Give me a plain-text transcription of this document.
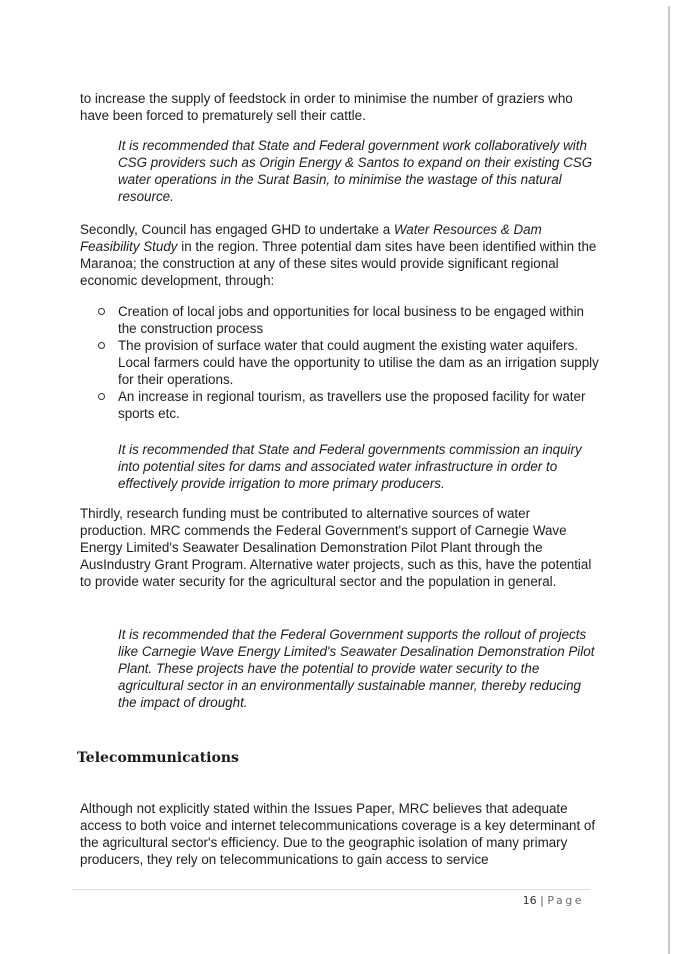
to increase the supply of feedstock in order to minimise the number of graziers who have been forced to prematurely sell their cattle.

It is recommended that State and Federal government work collaboratively with CSG providers such as Origin Energy & Santos to expand on their existing CSG water operations in the Surat Basin, to minimise the wastage of this natural resource.

Secondly, Council has engaged GHD to undertake a Water Resources & Dam Feasibility Study in the region. Three potential dam sites have been identified within the Maranoa; the construction at any of these sites would provide significant regional economic development, through:

Creation of local jobs and opportunities for local business to be engaged within the construction process
The provision of surface water that could augment the existing water aquifers. Local farmers could have the opportunity to utilise the dam as an irrigation supply for their operations.
An increase in regional tourism, as travellers use the proposed facility for water sports etc.

It is recommended that State and Federal governments commission an inquiry into potential sites for dams and associated water infrastructure in order to effectively provide irrigation to more primary producers.

Thirdly, research funding must be contributed to alternative sources of water production. MRC commends the Federal Government's support of Carnegie Wave Energy Limited's Seawater Desalination Demonstration Pilot Plant through the AusIndustry Grant Program. Alternative water projects, such as this, have the potential to provide water security for the agricultural sector and the population in general.

It is recommended that the Federal Government supports the rollout of projects like Carnegie Wave Energy Limited's Seawater Desalination Demonstration Pilot Plant. These projects have the potential to provide water security to the agricultural sector in an environmentally sustainable manner, thereby reducing the impact of drought.

Telecommunications

Although not explicitly stated within the Issues Paper, MRC believes that adequate access to both voice and internet telecommunications coverage is a key determinant of the agricultural sector's efficiency. Due to the geographic isolation of many primary producers, they rely on telecommunications to gain access to service

16 | Page
